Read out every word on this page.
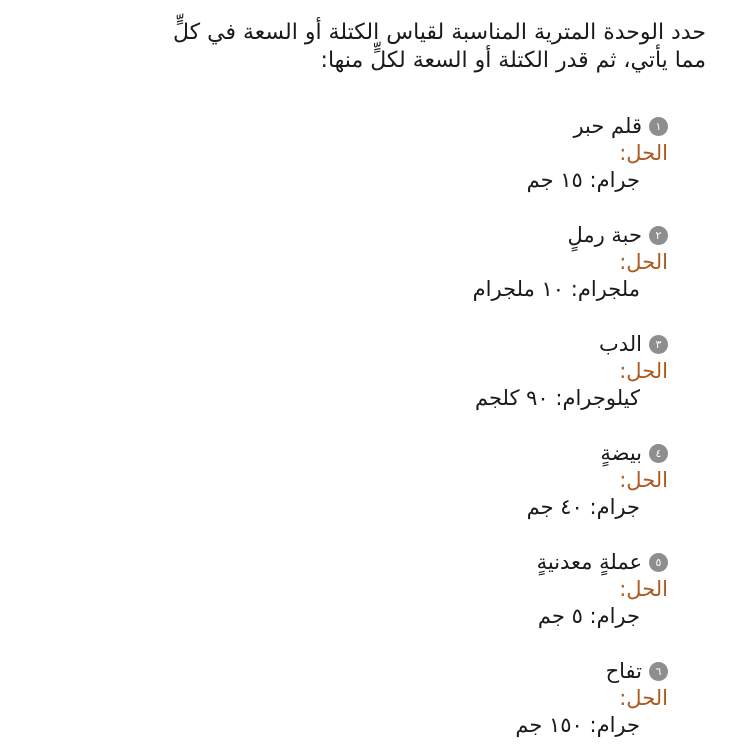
حدد الوحدة المترية المناسبة لقياس الكتلة أو السعة في كلٍّ
مما يأتي، ثم قدر الكتلة أو السعة لكلٍّ منها:
١
قلم حبر
الحل:
جرام: ١٥ جم
٢
حبة رملٍ
الحل:
ملجرام: ١٠ ملجرام
٣
الدب
الحل:
كيلوجرام: ٩٠ كلجم
٤
بيضةٍ
الحل:
جرام: ٤٠ جم
٥
عملةٍ معدنيةٍ
الحل:
جرام: ٥ جم
٦
تفاح
الحل:
جرام: ١٥٠ جم
